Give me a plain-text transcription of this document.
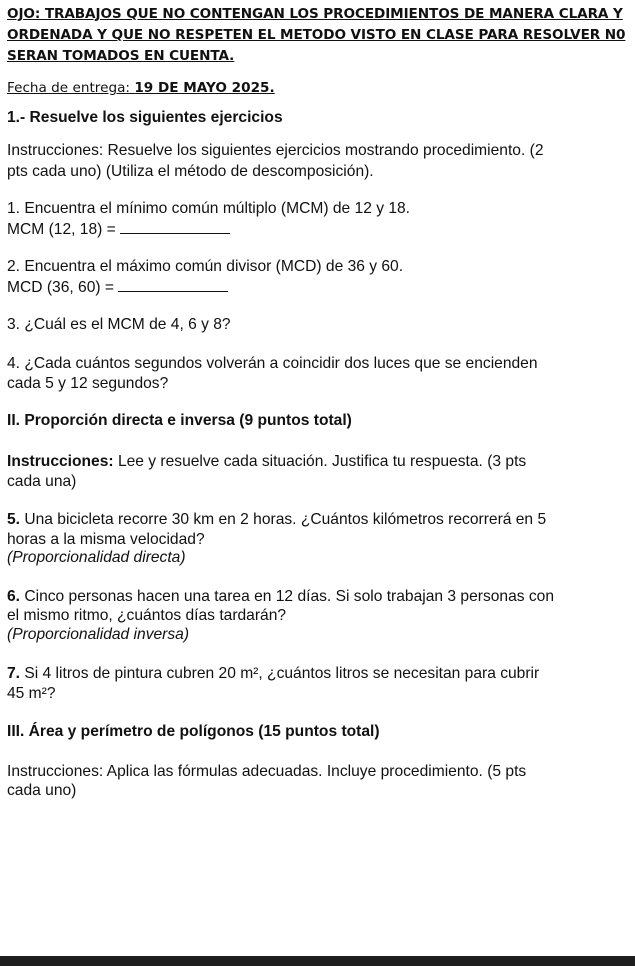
OJO: TRABAJOS QUE NO CONTENGAN LOS PROCEDIMIENTOS DE MANERA CLARA Y
ORDENADA Y QUE NO RESPETEN EL METODO VISTO EN CLASE PARA RESOLVER N0
SERAN TOMADOS EN CUENTA.
Fecha de entrega: 19 DE MAYO 2025.
1.- Resuelve los siguientes ejercicios
Instrucciones: Resuelve los siguientes ejercicios mostrando procedimiento. (2
pts cada uno) (Utiliza el método de descomposición).
1. Encuentra el mínimo común múltiplo (MCM) de 12 y 18.
MCM (12, 18) =
2. Encuentra el máximo común divisor (MCD) de 36 y 60.
MCD (36, 60) =
3. ¿Cuál es el MCM de 4, 6 y 8?
4. ¿Cada cuántos segundos volverán a coincidir dos luces que se encienden
cada 5 y 12 segundos?
II. Proporción directa e inversa (9 puntos total)
Instrucciones: Lee y resuelve cada situación. Justifica tu respuesta. (3 pts
cada una)
5. Una bicicleta recorre 30 km en 2 horas. ¿Cuántos kilómetros recorrerá en 5
horas a la misma velocidad?
(Proporcionalidad directa)
6. Cinco personas hacen una tarea en 12 días. Si solo trabajan 3 personas con
el mismo ritmo, ¿cuántos días tardarán?
(Proporcionalidad inversa)
7. Si 4 litros de pintura cubren 20 m², ¿cuántos litros se necesitan para cubrir
45 m²?
III. Área y perímetro de polígonos (15 puntos total)
Instrucciones: Aplica las fórmulas adecuadas. Incluye procedimiento. (5 pts
cada uno)
